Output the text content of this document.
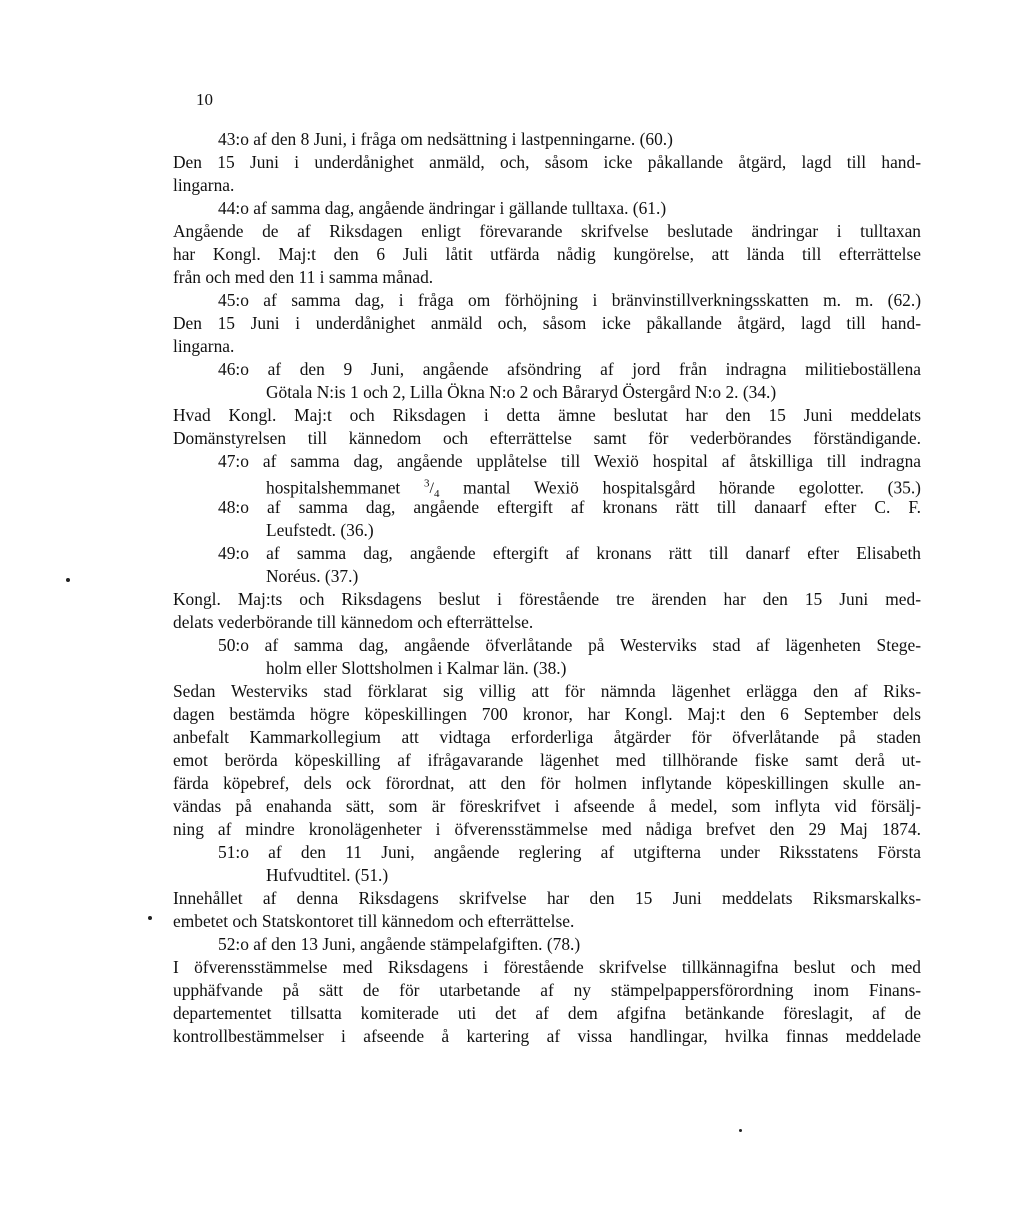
10
43:o af den 8 Juni, i fråga om nedsättning i lastpenningarne. (60.)
Den 15 Juni i underdånighet anmäld, och, såsom icke påkallande åtgärd, lagd till hand-
lingarna.
44:o af samma dag, angående ändringar i gällande tulltaxa. (61.)
Angående de af Riksdagen enligt förevarande skrifvelse beslutade ändringar i tulltaxan
har Kongl. Maj:t den 6 Juli låtit utfärda nådig kungörelse, att lända till efterrättelse
från och med den 11 i samma månad.
45:o af samma dag, i fråga om förhöjning i bränvinstillverkningsskatten m. m. (62.)
Den 15 Juni i underdånighet anmäld och, såsom icke påkallande åtgärd, lagd till hand-
lingarna.
46:o af den 9 Juni, angående afsöndring af jord från indragna militieboställena
Götala N:is 1 och 2, Lilla Ökna N:o 2 och Båraryd Östergård N:o 2. (34.)
Hvad Kongl. Maj:t och Riksdagen i detta ämne beslutat har den 15 Juni meddelats
Domänstyrelsen till kännedom och efterrättelse samt för vederbörandes förständigande.
47:o af samma dag, angående upplåtelse till Wexiö hospital af åtskilliga till indragna
hospitalshemmanet $^3/_4$ mantal Wexiö hospitalsgård hörande egolotter. (35.)
48:o af samma dag, angående eftergift af kronans rätt till danaarf efter C. F.
Leufstedt. (36.)
49:o af samma dag, angående eftergift af kronans rätt till danarf efter Elisabeth
Noréus. (37.)
Kongl. Maj:ts och Riksdagens beslut i förestående tre ärenden har den 15 Juni med-
delats vederbörande till kännedom och efterrättelse.
50:o af samma dag, angående öfverlåtande på Westerviks stad af lägenheten Stege-
holm eller Slottsholmen i Kalmar län. (38.)
Sedan Westerviks stad förklarat sig villig att för nämnda lägenhet erlägga den af Riks-
dagen bestämda högre köpeskillingen 700 kronor, har Kongl. Maj:t den 6 September dels
anbefalt Kammarkollegium att vidtaga erforderliga åtgärder för öfverlåtande på staden
emot berörda köpeskilling af ifrågavarande lägenhet med tillhörande fiske samt derå ut-
färda köpebref, dels ock förordnat, att den för holmen inflytande köpeskillingen skulle an-
vändas på enahanda sätt, som är föreskrifvet i afseende å medel, som inflyta vid försälj-
ning af mindre kronolägenheter i öfverensstämmelse med nådiga brefvet den 29 Maj 1874.
51:o af den 11 Juni, angående reglering af utgifterna under Riksstatens Första
Hufvudtitel. (51.)
Innehållet af denna Riksdagens skrifvelse har den 15 Juni meddelats Riksmarskalks-
embetet och Statskontoret till kännedom och efterrättelse.
52:o af den 13 Juni, angående stämpelafgiften. (78.)
I öfverensstämmelse med Riksdagens i förestående skrifvelse tillkännagifna beslut och med
upphäfvande på sätt de för utarbetande af ny stämpelpappersförordning inom Finans-
departementet tillsatta komiterade uti det af dem afgifna betänkande föreslagit, af de
kontrollbestämmelser i afseende å kartering af vissa handlingar, hvilka finnas meddelade
